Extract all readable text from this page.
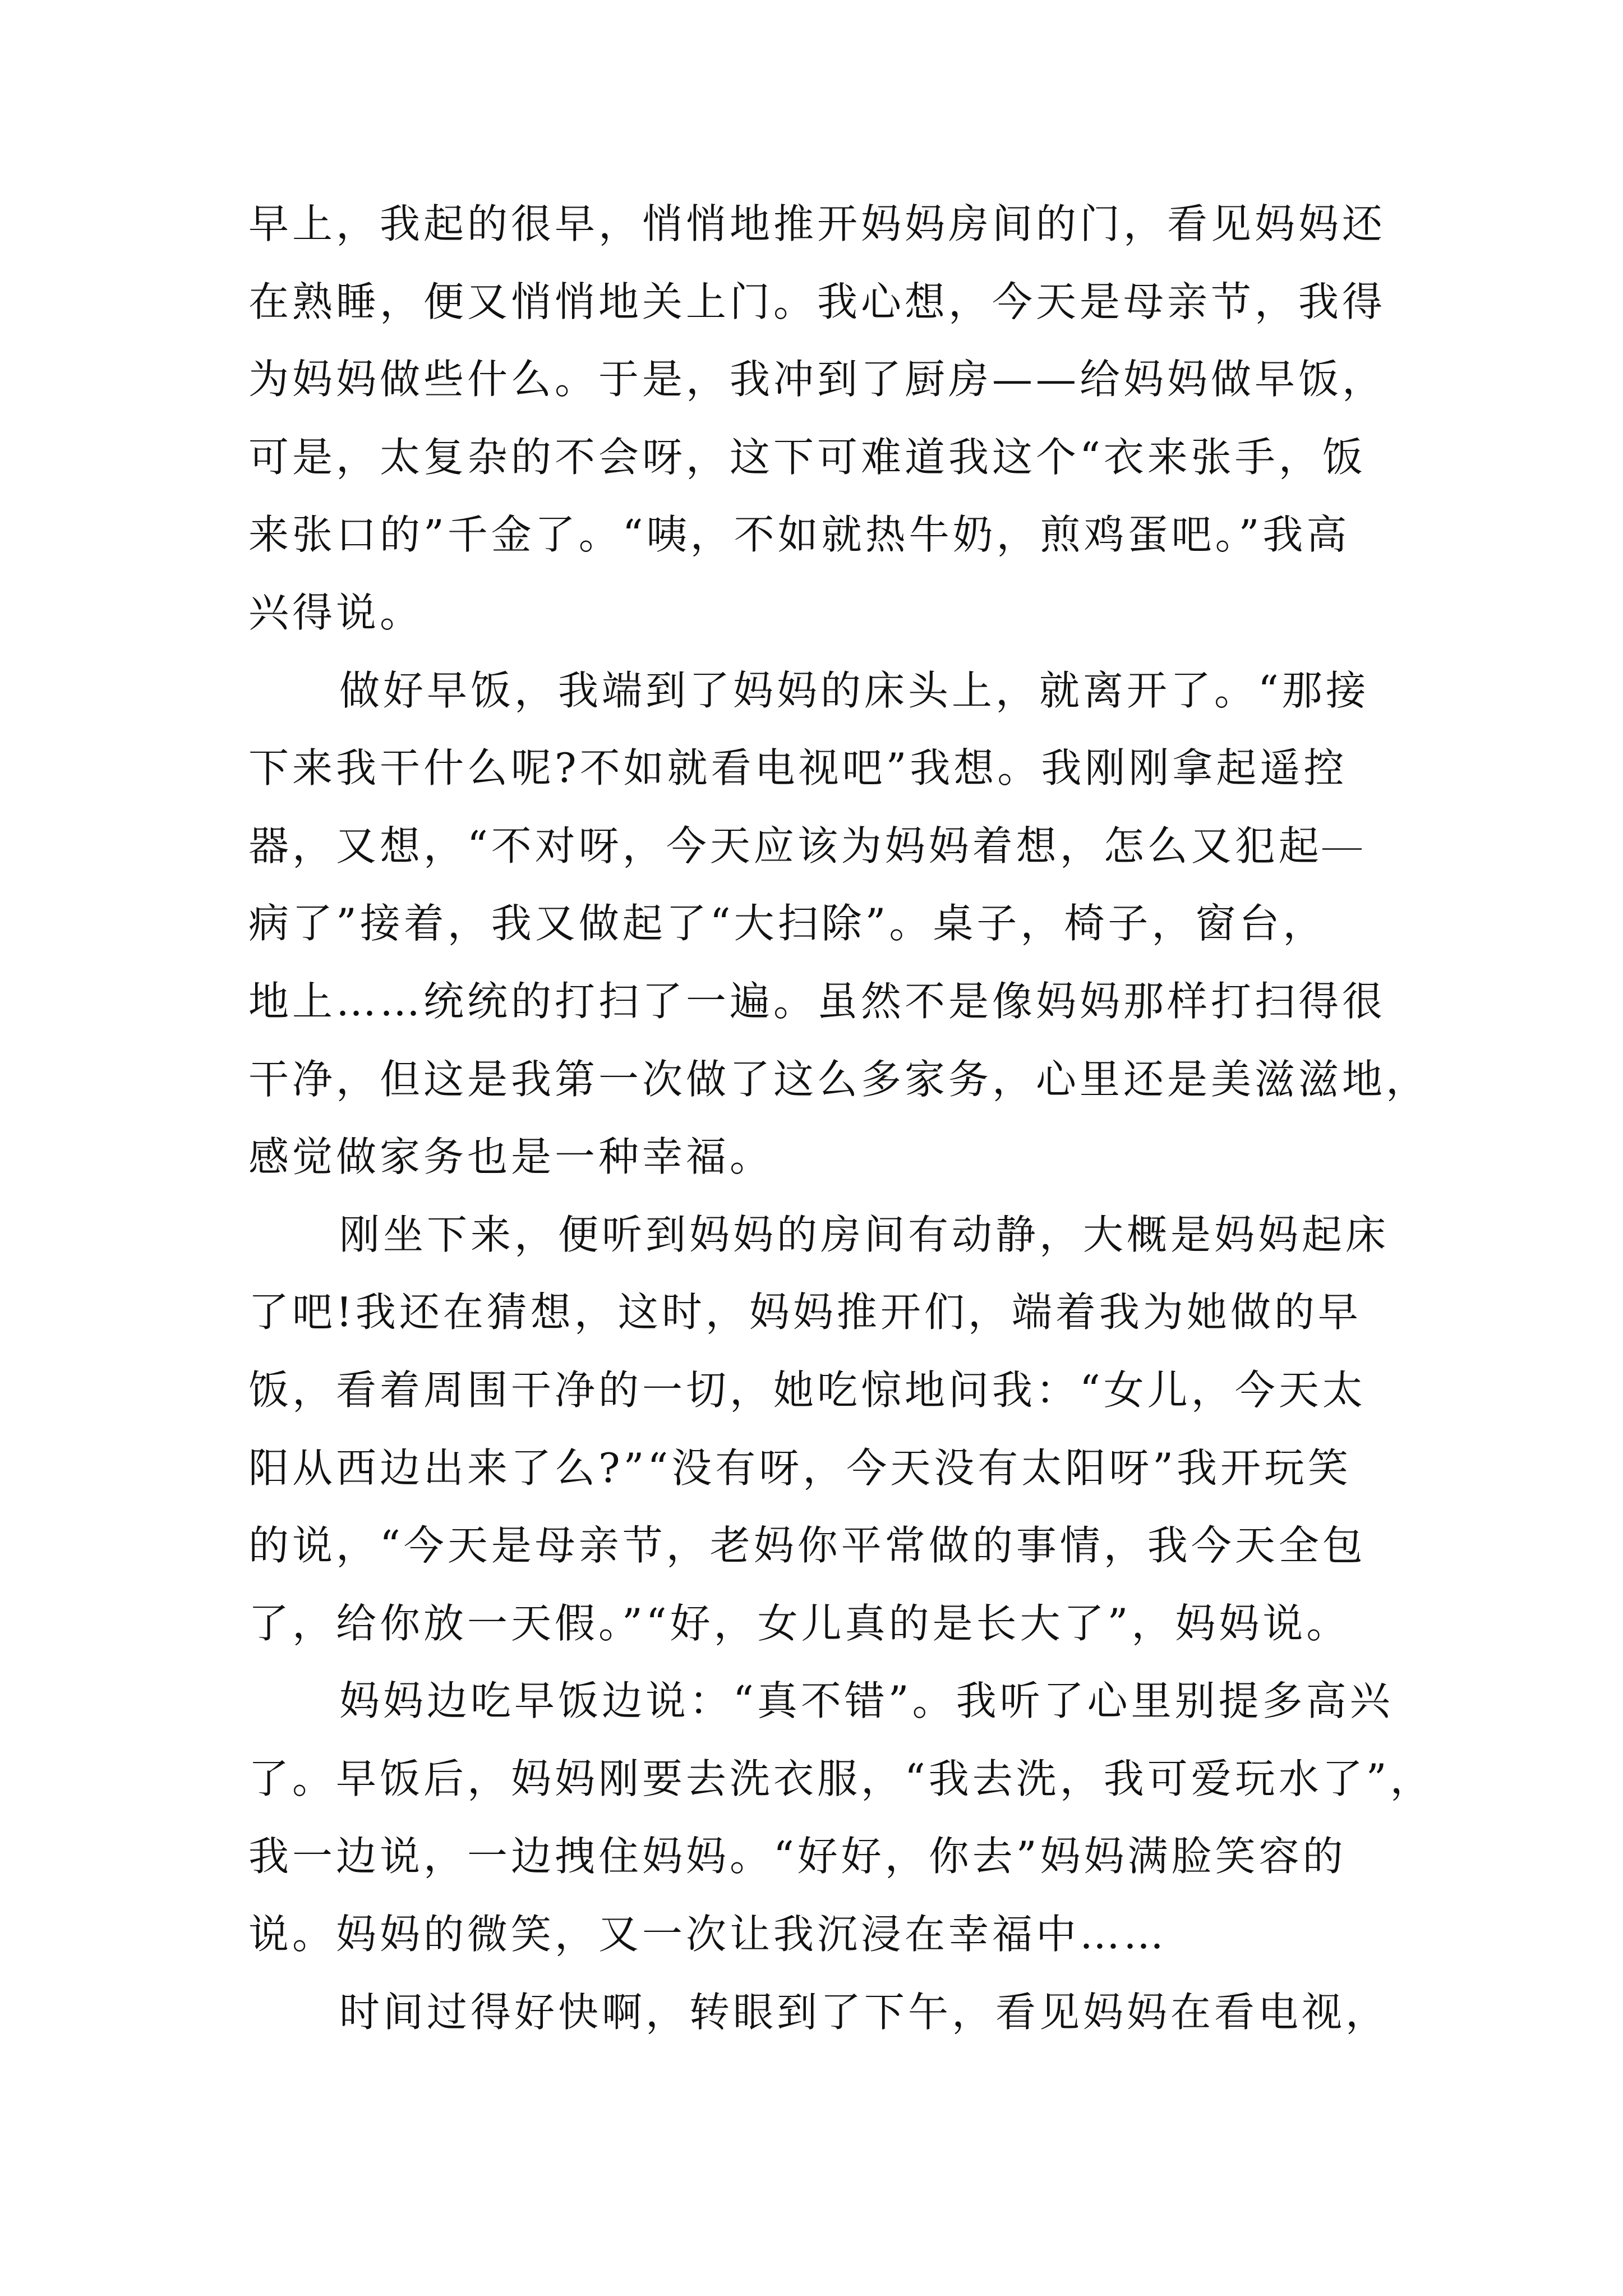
早上，我起的很早，悄悄地推开妈妈房间的门，看见妈妈还
在熟睡，便又悄悄地关上门。我心想，今天是母亲节，我得
为妈妈做些什么。于是，我冲到了厨房——给妈妈做早饭，
可是，太复杂的不会呀，这下可难道我这个“衣来张手，饭
来张口的”千金了。“咦，不如就热牛奶，煎鸡蛋吧。”我高
兴得说。
做好早饭，我端到了妈妈的床头上，就离开了。“那接
下来我干什么呢?不如就看电视吧”我想。我刚刚拿起遥控
器，又想，“不对呀，今天应该为妈妈着想，怎么又犯起
病了”接着，我又做起了“大扫除”。桌子，椅子，窗台，
地上……统统的打扫了一遍。虽然不是像妈妈那样打扫得很
干净，但这是我第一次做了这么多家务，心里还是美滋滋地，
感觉做家务也是一种幸福。
刚坐下来，便听到妈妈的房间有动静，大概是妈妈起床
了吧!我还在猜想，这时，妈妈推开们，端着我为她做的早
饭，看着周围干净的一切，她吃惊地问我：“女儿，今天太
阳从西边出来了么?”“没有呀，今天没有太阳呀”我开玩笑
的说，“今天是母亲节，老妈你平常做的事情，我今天全包
了，给你放一天假。”“好，女儿真的是长大了”，妈妈说。
妈妈边吃早饭边说：“真不错”。我听了心里别提多高兴
了。早饭后，妈妈刚要去洗衣服，“我去洗，我可爱玩水了”，
我一边说，一边拽住妈妈。“好好，你去”妈妈满脸笑容的
说。妈妈的微笑，又一次让我沉浸在幸福中……
时间过得好快啊，转眼到了下午，看见妈妈在看电视，
